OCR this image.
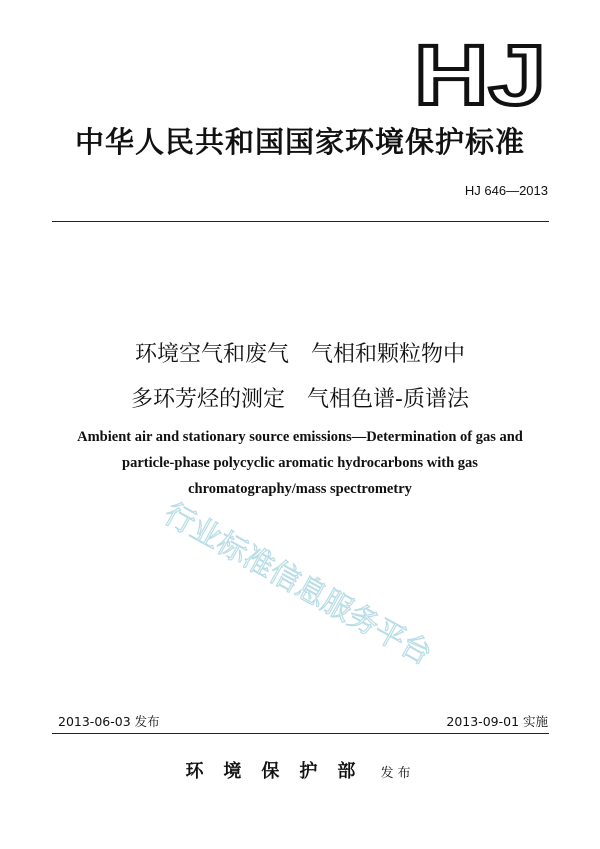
HJ
中华人民共和国国家环境保护标准
HJ 646—2013
环境空气和废气　气相和颗粒物中
多环芳烃的测定　气相色谱-质谱法
Ambient air and stationary source emissions—Determination of gas and
particle-phase polycyclic aromatic hydrocarbons with gas
chromatography/mass spectrometry
行业标准信息服务平台
2013-06-03 发布	2013-09-01 实施
环境保护部 发布
